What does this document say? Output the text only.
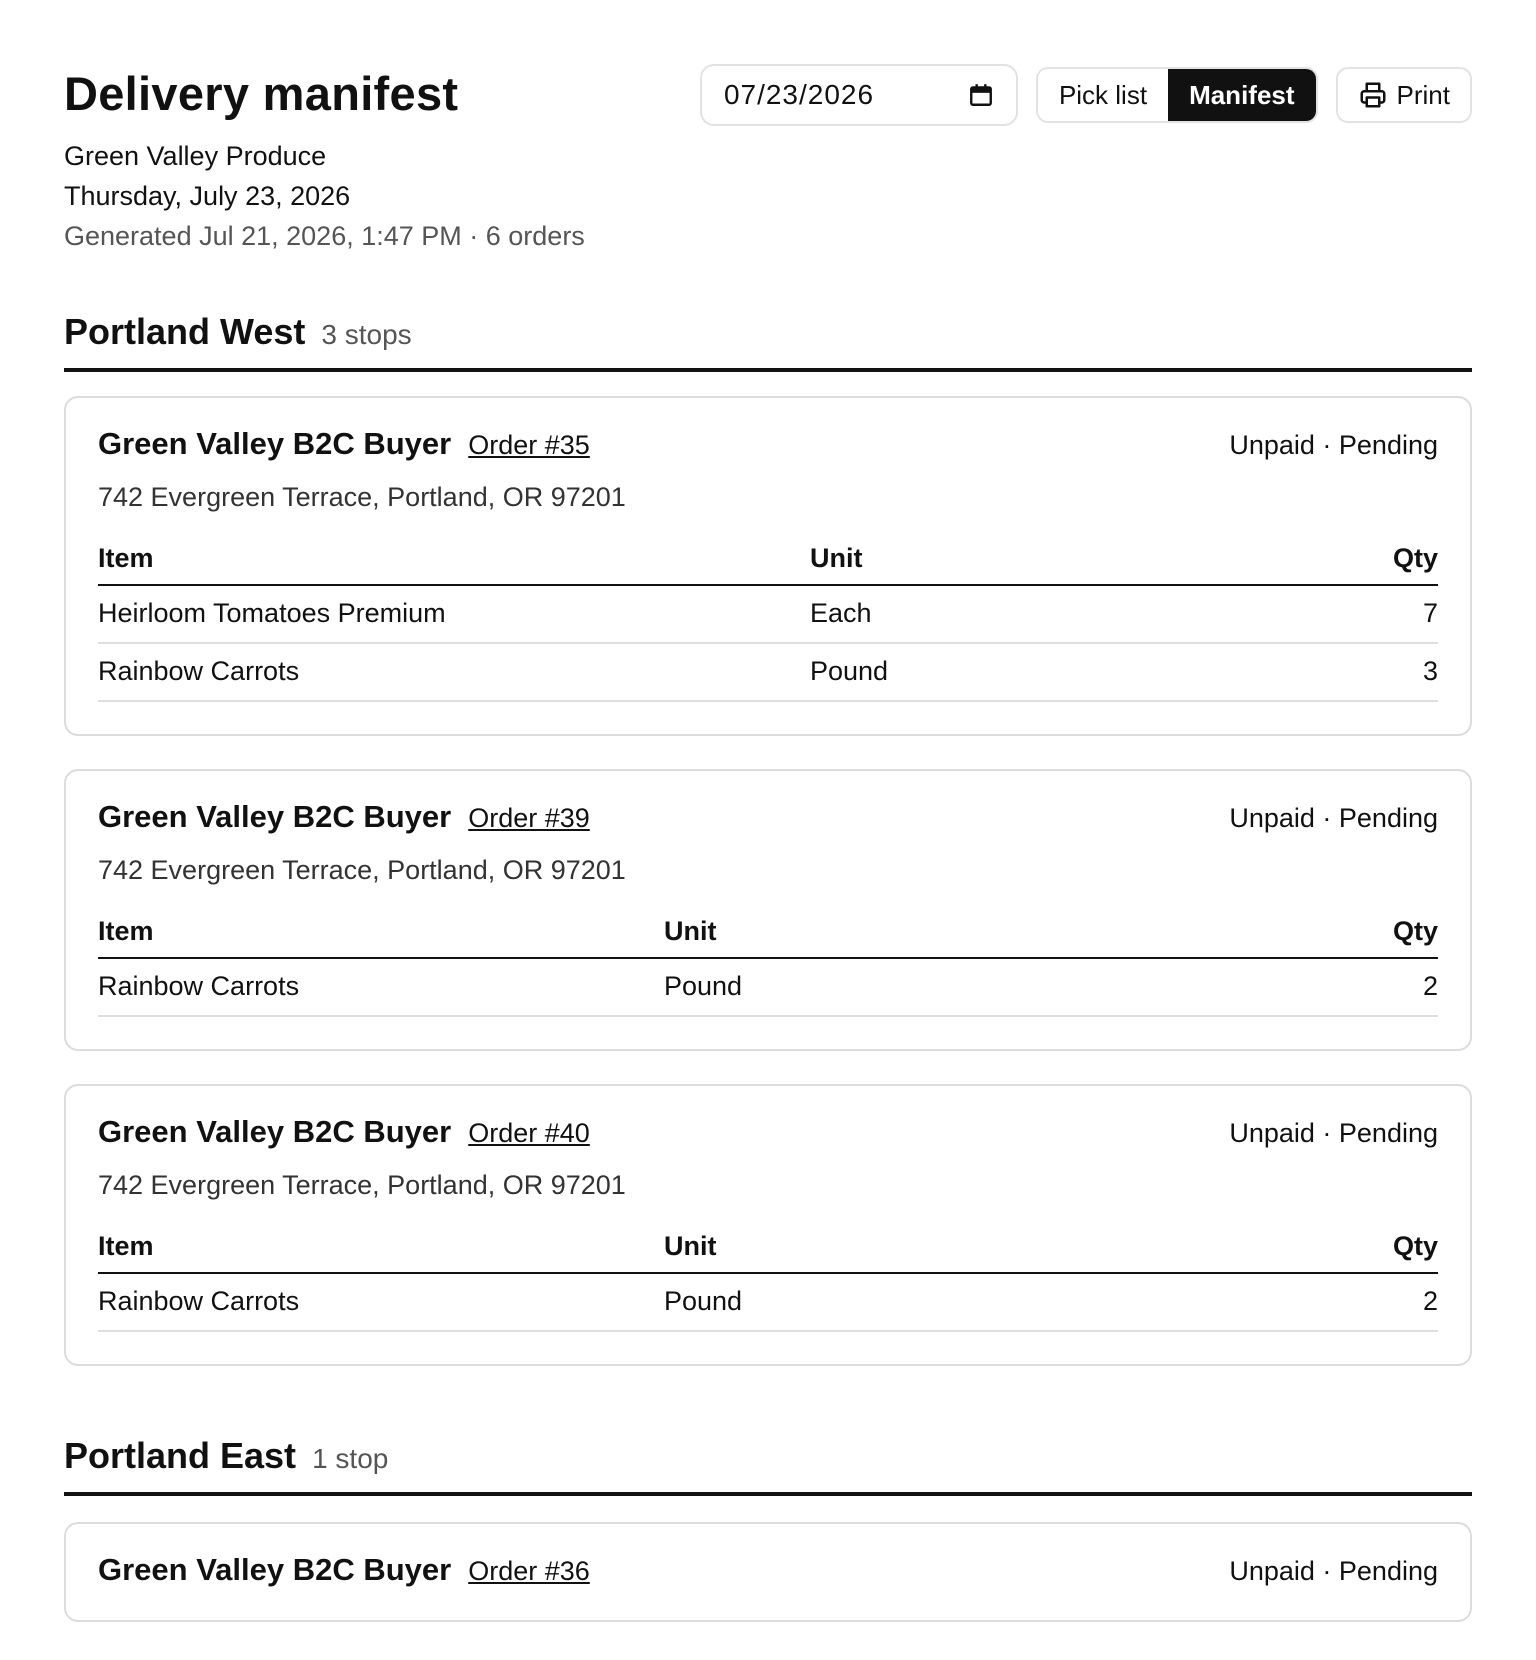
Delivery manifest
Green Valley Produce
Thursday, July 23, 2026
Generated Jul 21, 2026, 1:47 PM · 6 orders
07/23/2026	Pick list	Manifest	Print
Portland West 3 stops
Green Valley B2C Buyer Order #35	Unpaid · Pending
742 Evergreen Terrace, Portland, OR 97201
Item	Unit	Qty
Heirloom Tomatoes Premium	Each	7
Rainbow Carrots	Pound	3
Green Valley B2C Buyer Order #39	Unpaid · Pending
742 Evergreen Terrace, Portland, OR 97201
Item	Unit	Qty
Rainbow Carrots	Pound	2
Green Valley B2C Buyer Order #40	Unpaid · Pending
742 Evergreen Terrace, Portland, OR 97201
Item	Unit	Qty
Rainbow Carrots	Pound	2
Portland East 1 stop
Green Valley B2C Buyer Order #36	Unpaid · Pending
